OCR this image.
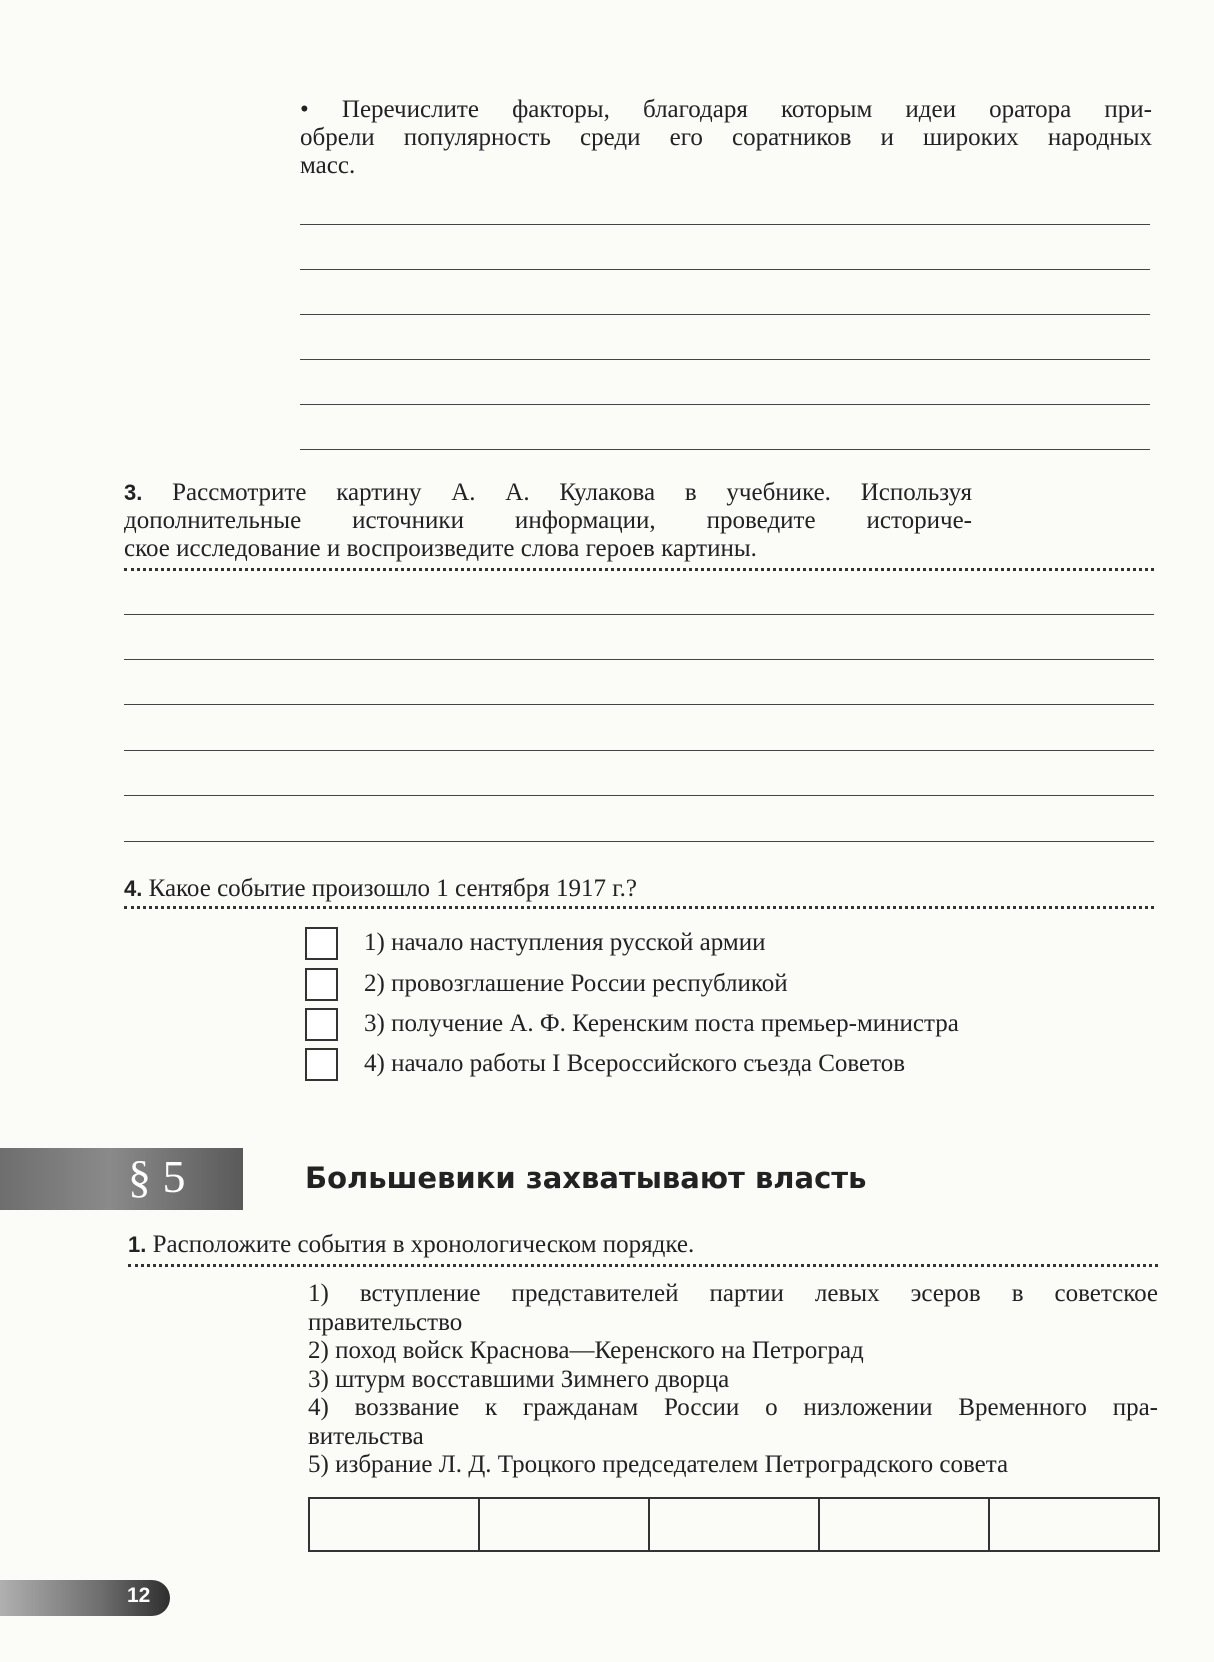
• Перечислите факторы, благодаря которым идеи оратора при-

обрели популярность среди его соратников и широких народных

масс.

3. Рассмотрите картину А. А. Кулакова в учебнике. Используя

дополнительные источники информации, проведите историче-

ское исследование и воспроизведите слова героев картины.

4. Какое событие произошло 1 сентября 1917 г.?
1) начало наступления русской армии
2) провозглашение России республикой
3) получение А. Ф. Керенским поста премьер-министра
4) начало работы I Всероссийского съезда Советов
§ 5	Большевики захватывают власть
1. Расположите события в хронологическом порядке.

1) вступление представителей партии левых эсеров в советское

правительство

2) поход войск Краснова—Керенского на Петроград

3) штурм восставшими Зимнего дворца

4) воззвание к гражданам России о низложении Временного пра-

вительства

5) избрание Л. Д. Троцкого председателем Петроградского совета

12
